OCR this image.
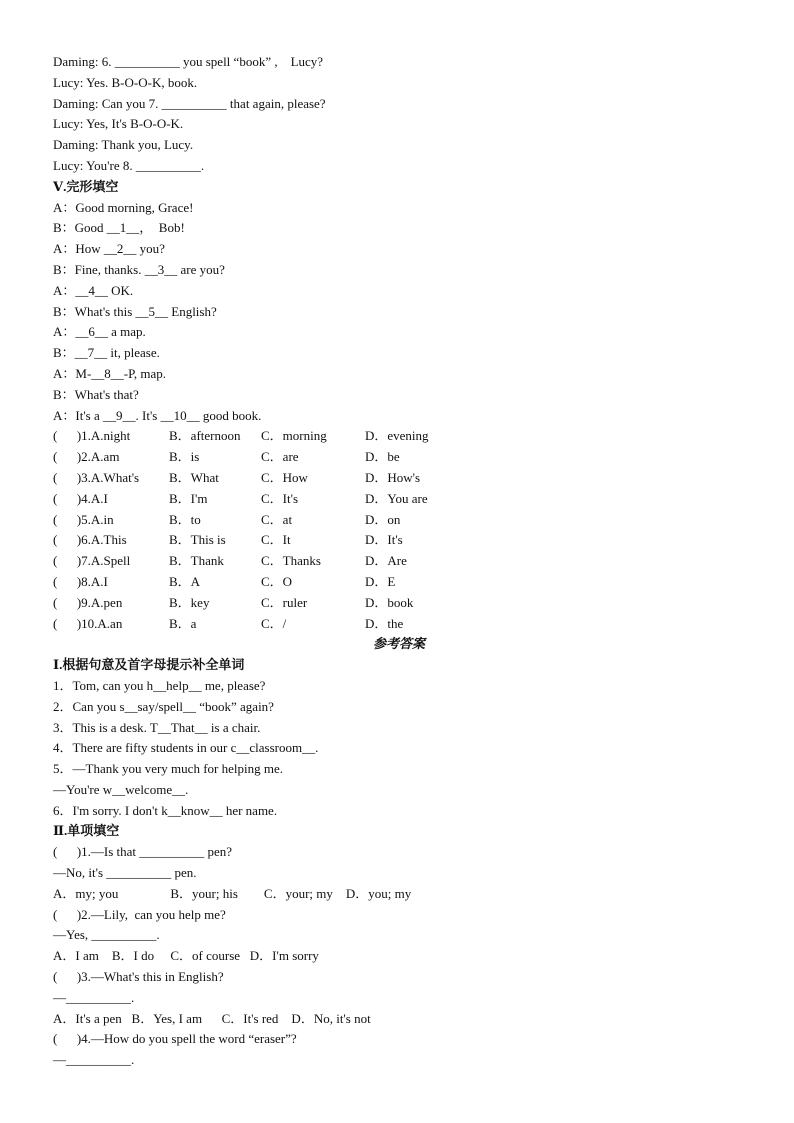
Daming: 6. __________ you spell “book” ,    Lucy?
Lucy: Yes. B-O-O-K, book.
Daming: Can you 7. __________ that again, please?
Lucy: Yes, It's B-O-O-K.
Daming: Thank you, Lucy.
Lucy: You're 8. __________.
Ⅴ.完形填空
A：Good morning, Grace!
B：Good __1__，  Bob!
A：How __2__ you?
B：Fine, thanks. __3__ are you?
A：__4__ OK.
B：What's this __5__ English?
A：__6__ a map.
B：__7__ it, please.
A：M-__8__-P, map.
B：What's that?
A：It's a __9__. It's __10__ good book.
(      )1.A.night	B．afternoon	C．morning	D．evening
(      )2.A.am	B．is	C．are	D．be
(      )3.A.What's	B．What	C．How	D．How's
(      )4.A.I	B．I'm	C．It's	D．You are
(      )5.A.in	B．to	C．at	D．on
(      )6.A.This	B．This is	C．It	D．It's
(      )7.A.Spell	B．Thank	C．Thanks	D．Are
(      )8.A.I	B．A	C．O	D．E
(      )9.A.pen	B．key	C．ruler	D．book
(      )10.A.an	B．a	C．/	D．the
参考答案
Ⅰ.根据句意及首字母提示补全单词
1．Tom, can you h__help__ me, please?
2．Can you s__say/spell__ “book” again?
3．This is a desk. T__That__ is a chair.
4．There are fifty students in our c__classroom__.
5．—Thank you very much for helping me.
—You're w__welcome__.
6．I'm sorry. I don't k__know__ her name.
Ⅱ.单项填空
(      )1.—Is that __________ pen?
—No, it's __________ pen.
A．my; you                B．your; his        C．your; my    D．you; my
(      )2.—Lily,  can you help me?
—Yes, __________.
A．I am    B．I do     C．of course   D．I'm sorry
(      )3.—What's this in English?
—__________.
A．It's a pen   B．Yes, I am      C．It's red    D．No, it's not
(      )4.—How do you spell the word “eraser”?
—__________.
